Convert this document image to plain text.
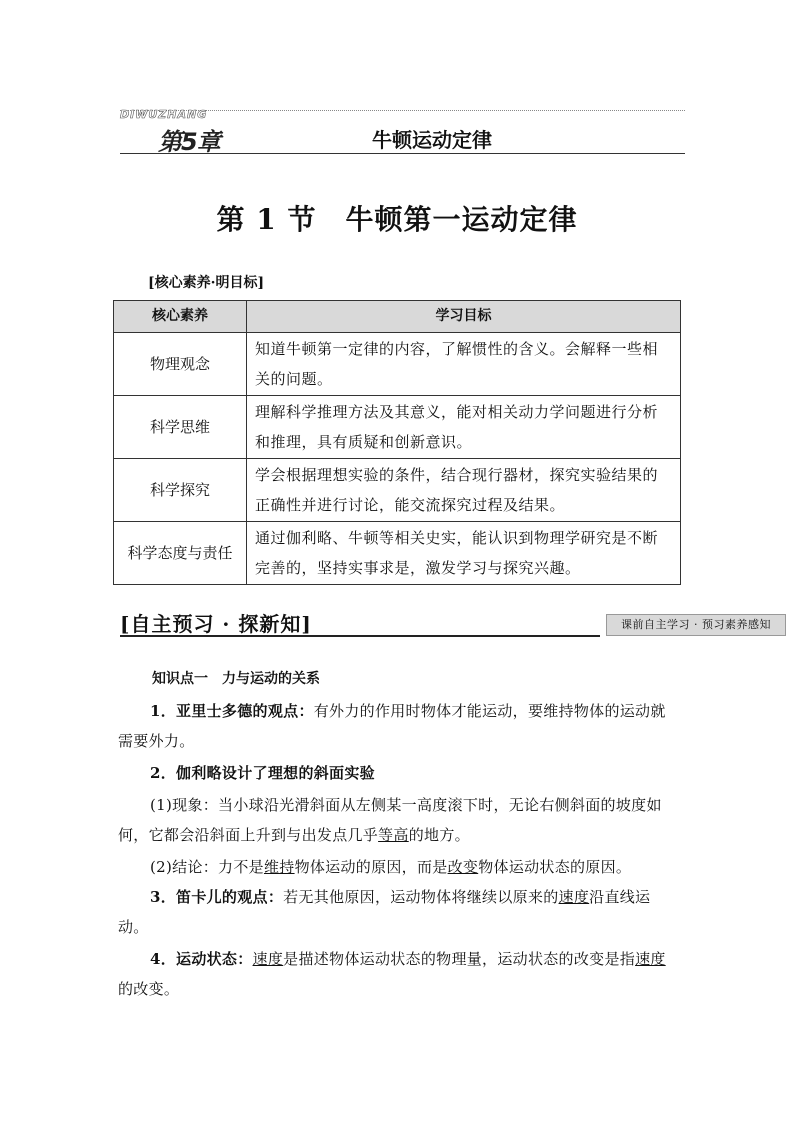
DIWUZHANG
第5章	牛顿运动定律
第 1 节　牛顿第一运动定律
[核心素养·明目标]
核心素养	学习目标
物理观念	知道牛顿第一定律的内容，了解惯性的含义。会解释一些相关的问题。
科学思维	理解科学推理方法及其意义，能对相关动力学问题进行分析和推理，具有质疑和创新意识。
科学探究	学会根据理想实验的条件，结合现行器材，探究实验结果的正确性并进行讨论，能交流探究过程及结果。
科学态度与责任	通过伽利略、牛顿等相关史实，能认识到物理学研究是不断完善的，坚持实事求是，激发学习与探究兴趣。
[自主预习 · 探新知]	课前自主学习 · 预习素养感知
知识点一　力与运动的关系
1．亚里士多德的观点：有外力的作用时物体才能运动，要维持物体的运动就需要外力。
2．伽利略设计了理想的斜面实验
(1)现象：当小球沿光滑斜面从左侧某一高度滚下时，无论右侧斜面的坡度如何，它都会沿斜面上升到与出发点几乎等高的地方。
(2)结论：力不是维持物体运动的原因，而是改变物体运动状态的原因。
3．笛卡儿的观点：若无其他原因，运动物体将继续以原来的速度沿直线运动。
4．运动状态：速度是描述物体运动状态的物理量，运动状态的改变是指速度的改变。
